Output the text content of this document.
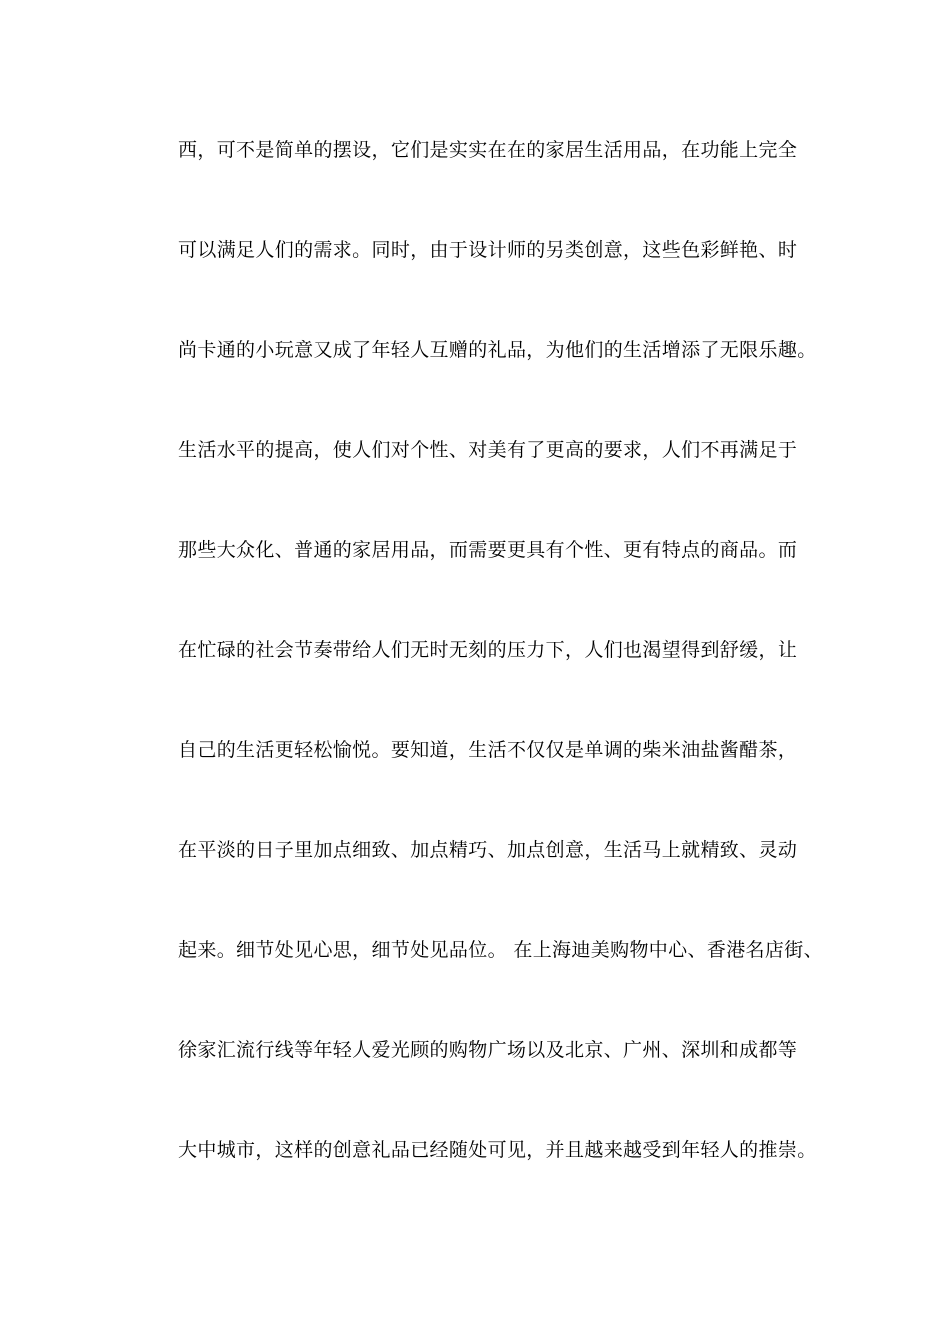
西，可不是简单的摆设，它们是实实在在的家居生活用品，在功能上完全
可以满足人们的需求。同时，由于设计师的另类创意，这些色彩鲜艳、时
尚卡通的小玩意又成了年轻人互赠的礼品，为他们的生活增添了无限乐趣。
生活水平的提高，使人们对个性、对美有了更高的要求，人们不再满足于
那些大众化、普通的家居用品，而需要更具有个性、更有特点的商品。而
在忙碌的社会节奏带给人们无时无刻的压力下，人们也渴望得到舒缓，让
自己的生活更轻松愉悦。要知道，生活不仅仅是单调的柴米油盐酱醋茶，
在平淡的日子里加点细致、加点精巧、加点创意，生活马上就精致、灵动
起来。细节处见心思，细节处见品位。 在上海迪美购物中心、香港名店街、
徐家汇流行线等年轻人爱光顾的购物广场以及北京、广州、深圳和成都等
大中城市，这样的创意礼品已经随处可见，并且越来越受到年轻人的推崇。
